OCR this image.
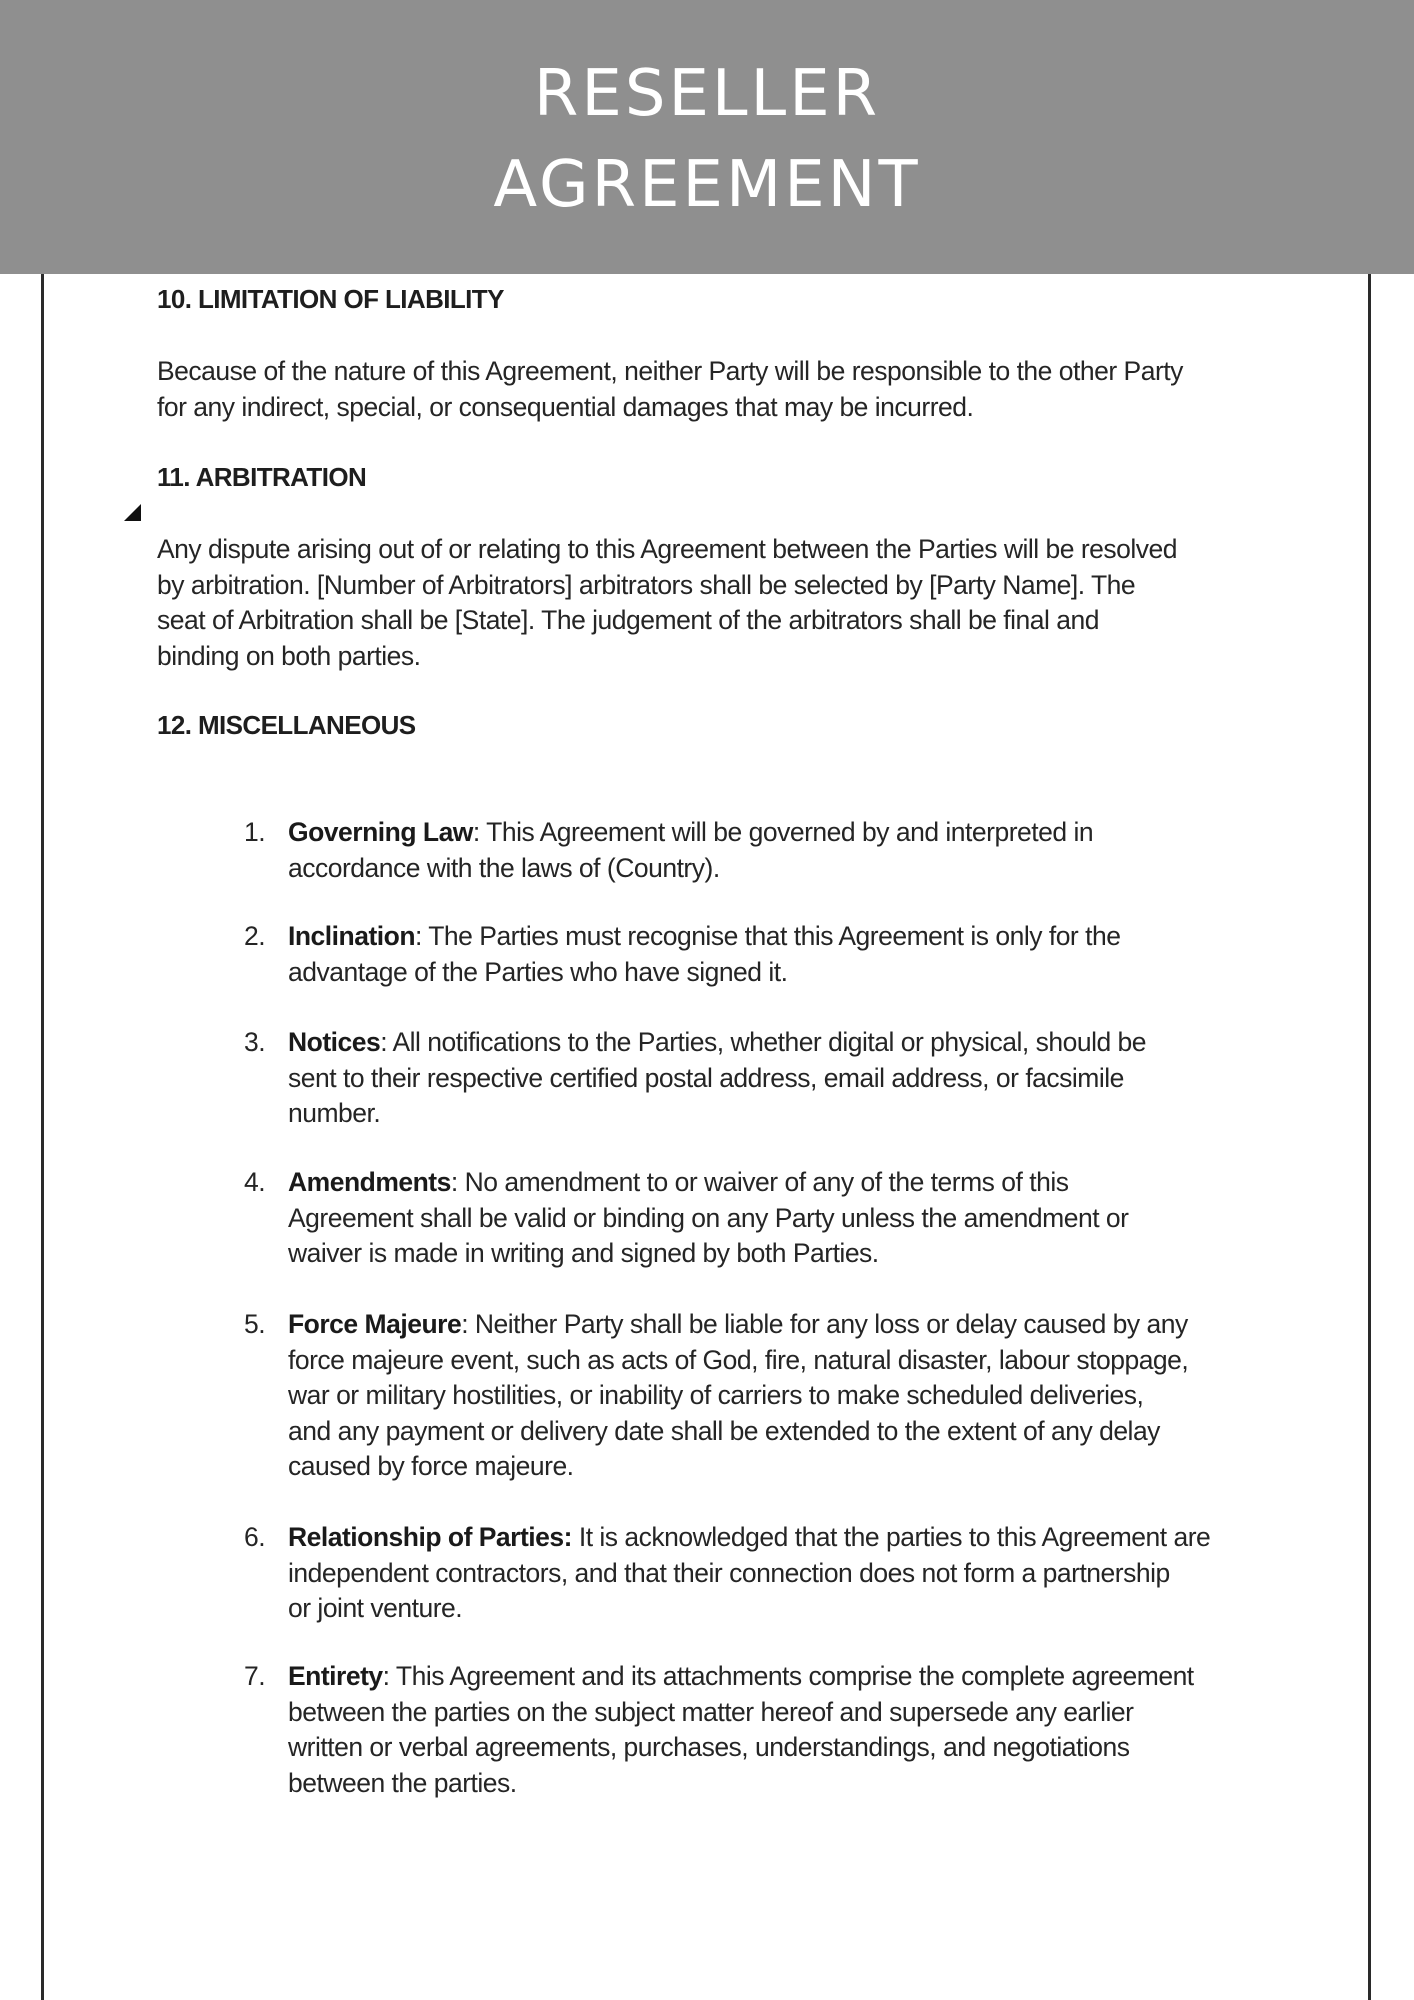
RESELLER
AGREEMENT
10. LIMITATION OF LIABILITY
Because of the nature of this Agreement, neither Party will be responsible to the other Party
for any indirect, special, or consequential damages that may be incurred.
11. ARBITRATION
Any dispute arising out of or relating to this Agreement between the Parties will be resolved
by arbitration. [Number of Arbitrators] arbitrators shall be selected by [Party Name]. The
seat of Arbitration shall be [State]. The judgement of the arbitrators shall be final and
binding on both parties.
12. MISCELLANEOUS
1. Governing Law: This Agreement will be governed by and interpreted in
accordance with the laws of (Country).
2. Inclination: The Parties must recognise that this Agreement is only for the
advantage of the Parties who have signed it.
3. Notices: All notifications to the Parties, whether digital or physical, should be
sent to their respective certified postal address, email address, or facsimile
number.
4. Amendments: No amendment to or waiver of any of the terms of this
Agreement shall be valid or binding on any Party unless the amendment or
waiver is made in writing and signed by both Parties.
5. Force Majeure: Neither Party shall be liable for any loss or delay caused by any
force majeure event, such as acts of God, fire, natural disaster, labour stoppage,
war or military hostilities, or inability of carriers to make scheduled deliveries,
and any payment or delivery date shall be extended to the extent of any delay
caused by force majeure.
6. Relationship of Parties: It is acknowledged that the parties to this Agreement are
independent contractors, and that their connection does not form a partnership
or joint venture.
7. Entirety: This Agreement and its attachments comprise the complete agreement
between the parties on the subject matter hereof and supersede any earlier
written or verbal agreements, purchases, understandings, and negotiations
between the parties.
